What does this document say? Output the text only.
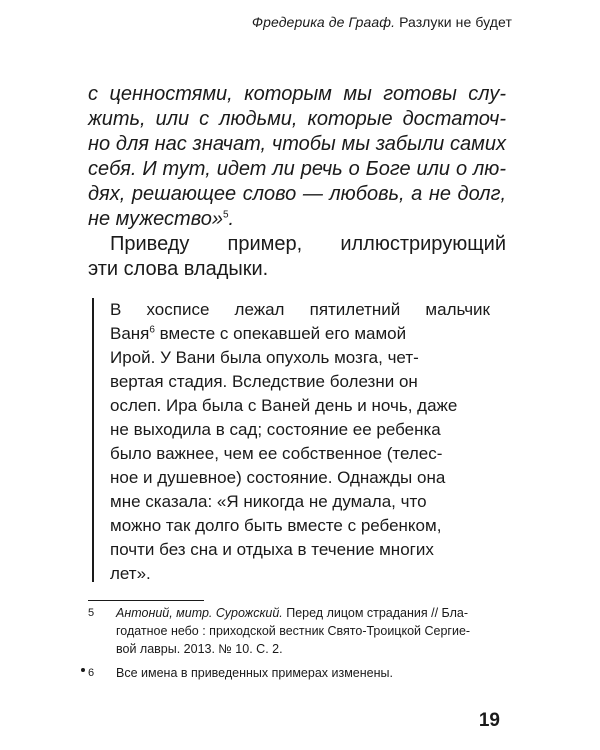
Фредерика де Грааф. Разлуки не будет
с ценностями, которым мы готовы слу-
жить, или с людьми, которые достаточ-
но для нас значат, чтобы мы забыли самих
себя. И тут, идет ли речь о Боге или о лю-
дях, решающее слово — любовь, а не долг,
не мужество»$^5$.
Приведу пример, иллюстрирующий
эти слова владыки.
В хосписе лежал пятилетний мальчик
Ваня$^6$ вместе с опекавшей его мамой
Ирой. У Вани была опухоль мозга, чет-
вертая стадия. Вследствие болезни он
ослеп. Ира была с Ваней день и ночь, даже
не выходила в сад; состояние ее ребенка
было важнее, чем ее собственное (телес-
ное и душевное) состояние. Однажды она
мне сказала: «Я никогда не думала, что
можно так долго быть вместе с ребенком,
почти без сна и отдыха в течение многих
лет».
5 Антоний, митр. Сурожский. Перед лицом страдания // Бла-
годатное небо : приходской вестник Свято-Троицкой Сергие-
вой лавры. 2013. № 10. С. 2.
6 Все имена в приведенных примерах изменены.
19
